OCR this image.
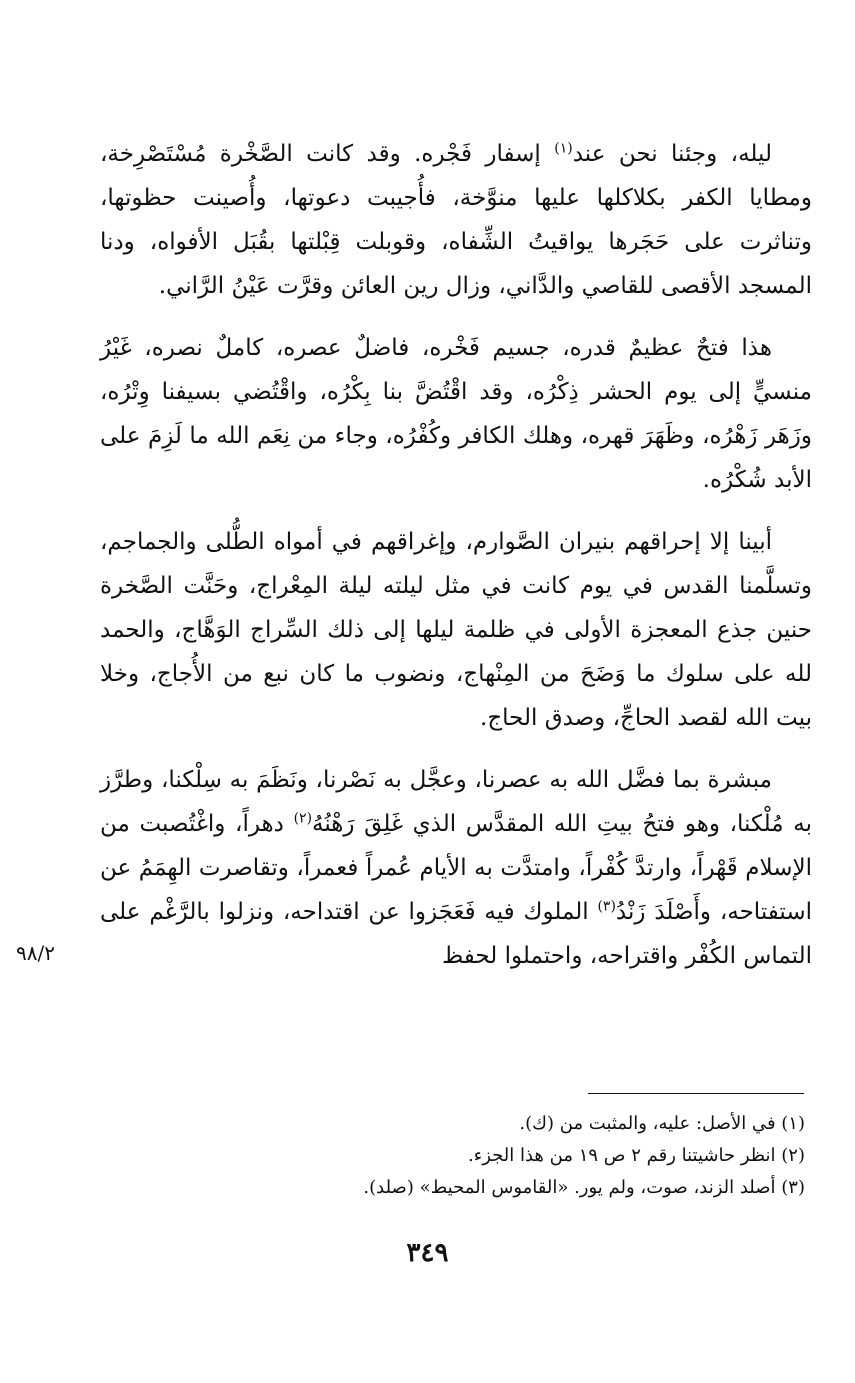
ليله، وجئنا نحن عند$^{(١)}$ إسفار فَجْره. وقد كانت الصَّخْرة مُسْتَصْرِخة، ومطايا الكفر بكلاكلها عليها منوَّخة، فأُجيبت دعوتها، وأُصينت حظوتها، وتناثرت على حَجَرها يواقيتُ الشِّفاه، وقوبلت قِبْلتها بقُبَل الأفواه، ودنا المسجد الأقصى للقاصي والدَّاني، وزال رين العائن وقرَّت عَيْنُ الرَّاني.

هذا فتحٌ عظيمٌ قدره، جسيم فَخْره، فاضلٌ عصره، كاملٌ نصره، غَيْرُ منسيٍّ إلى يوم الحشر ذِكْرُه، وقد اقْتُضَّ بنا بِكْرُه، واقْتُضي بسيفنا وِتْرُه، وزَهَر زَهْرُه، وظَهَرَ قهره، وهلك الكافر وكُفْرُه، وجاء من نِعَم الله ما لَزِمَ على الأبد شُكْرُه.

أبينا إلا إحراقهم بنيران الصَّوارم، وإغراقهم في أمواه الطُّلى والجماجم، وتسلَّمنا القدس في يوم كانت في مثل ليلته ليلة المِعْراج، وحَنَّت الصَّخرة حنين جذع المعجزة الأولى في ظلمة ليلها إلى ذلك السِّراج الوَهَّاج، والحمد لله على سلوك ما وَضَحَ من المِنْهاج، ونضوب ما كان نبع من الأُجاج، وخلا بيت الله لقصد الحاجِّ، وصدق الحاج.

مبشرة بما فضَّل الله به عصرنا، وعجَّل به نَصْرنا، ونَظَمَ به سِلْكنا، وطرَّز به مُلْكنا، وهو فتحُ بيتِ الله المقدَّس الذي غَلِقَ رَهْنُهُ$^{(٢)}$ دهراً، واغْتُصبت من الإسلام قَهْراً، وارتدَّ كُفْراً، وامتدَّت به الأيام عُمراً فعمراً، وتقاصرت الهِمَمُ عن استفتاحه، وأَصْلَدَ زَنْدُ$^{(٣)}$ الملوك فيه فَعَجَزوا عن اقتداحه، ونزلوا بالرَّغْم على التماس الكُفْر واقتراحه، واحتملوا لحفظ

٩٨/٢

(١) في الأصل: عليه، والمثبت من (ك).

(٢) انظر حاشيتنا رقم ٢ ص ١٩ من هذا الجزء.

(٣) أصلد الزند، صوت، ولم يور. «القاموس المحيط» (صلد).

٣٤٩
